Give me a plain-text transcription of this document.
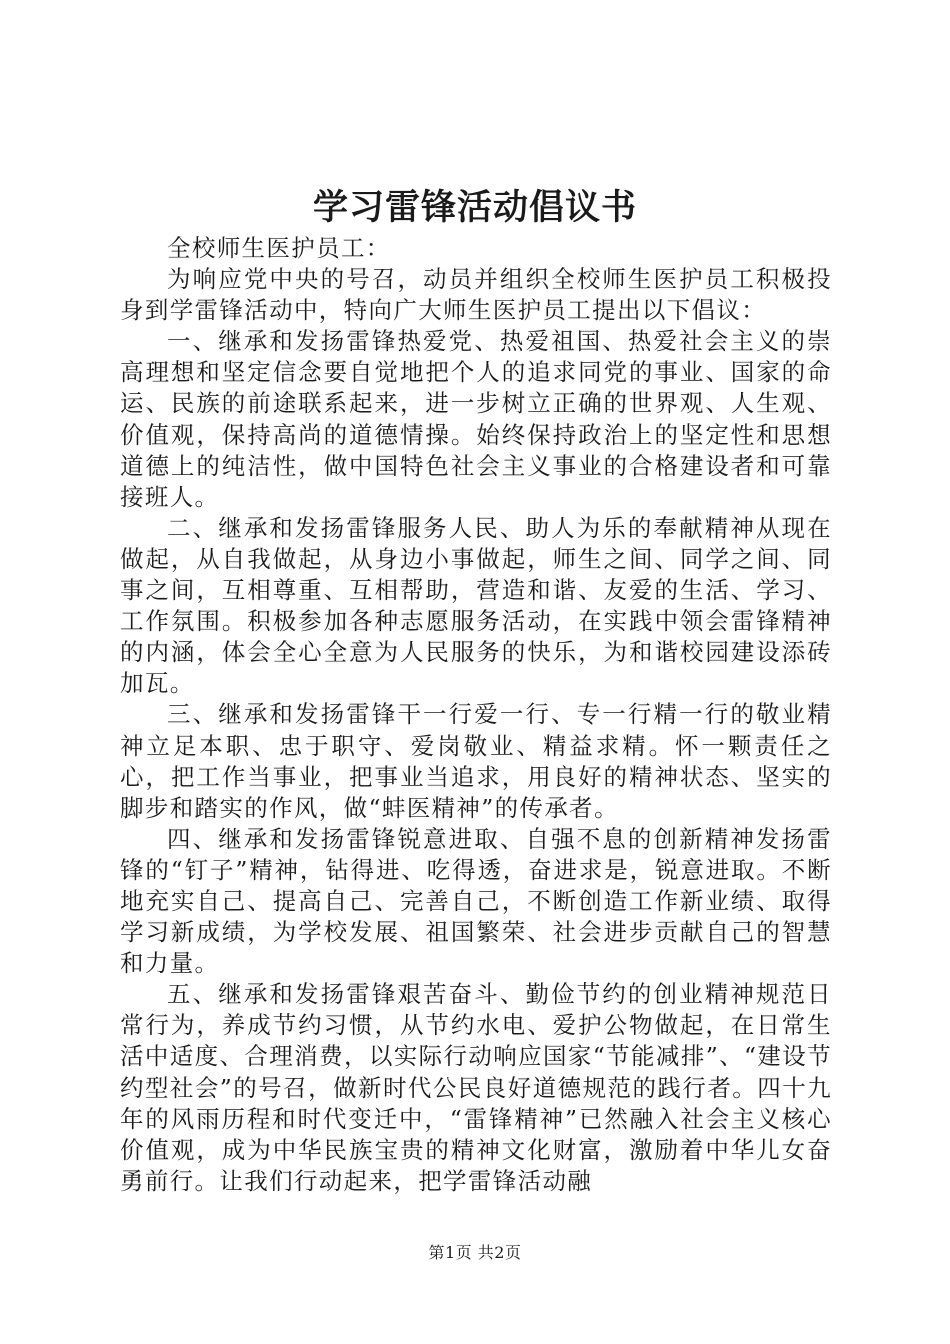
学习雷锋活动倡议书

全校师生医护员工：

为响应党中央的号召，动员并组织全校师生医护员工积极投身到学雷锋活动中，特向广大师生医护员工提出以下倡议：

一、继承和发扬雷锋热爱党、热爱祖国、热爱社会主义的崇高理想和坚定信念要自觉地把个人的追求同党的事业、国家的命运、民族的前途联系起来，进一步树立正确的世界观、人生观、价值观，保持高尚的道德情操。始终保持政治上的坚定性和思想道德上的纯洁性，做中国特色社会主义事业的合格建设者和可靠接班人。

二、继承和发扬雷锋服务人民、助人为乐的奉献精神从现在做起，从自我做起，从身边小事做起，师生之间、同学之间、同事之间，互相尊重、互相帮助，营造和谐、友爱的生活、学习、工作氛围。积极参加各种志愿服务活动，在实践中领会雷锋精神的内涵，体会全心全意为人民服务的快乐，为和谐校园建设添砖加瓦。

三、继承和发扬雷锋干一行爱一行、专一行精一行的敬业精神立足本职、忠于职守、爱岗敬业、精益求精。怀一颗责任之心，把工作当事业，把事业当追求，用良好的精神状态、坚实的脚步和踏实的作风，做“蚌医精神”的传承者。

四、继承和发扬雷锋锐意进取、自强不息的创新精神发扬雷锋的“钉子”精神，钻得进、吃得透，奋进求是，锐意进取。不断地充实自己、提高自己、完善自己，不断创造工作新业绩、取得学习新成绩，为学校发展、祖国繁荣、社会进步贡献自己的智慧和力量。

五、继承和发扬雷锋艰苦奋斗、勤俭节约的创业精神规范日常行为，养成节约习惯，从节约水电、爱护公物做起，在日常生活中适度、合理消费，以实际行动响应国家“节能减排”、“建设节约型社会”的号召，做新时代公民良好道德规范的践行者。四十九年的风雨历程和时代变迁中，“雷锋精神”已然融入社会主义核心价值观，成为中华民族宝贵的精神文化财富，激励着中华儿女奋勇前行。让我们行动起来，把学雷锋活动融

第1页 共2页
